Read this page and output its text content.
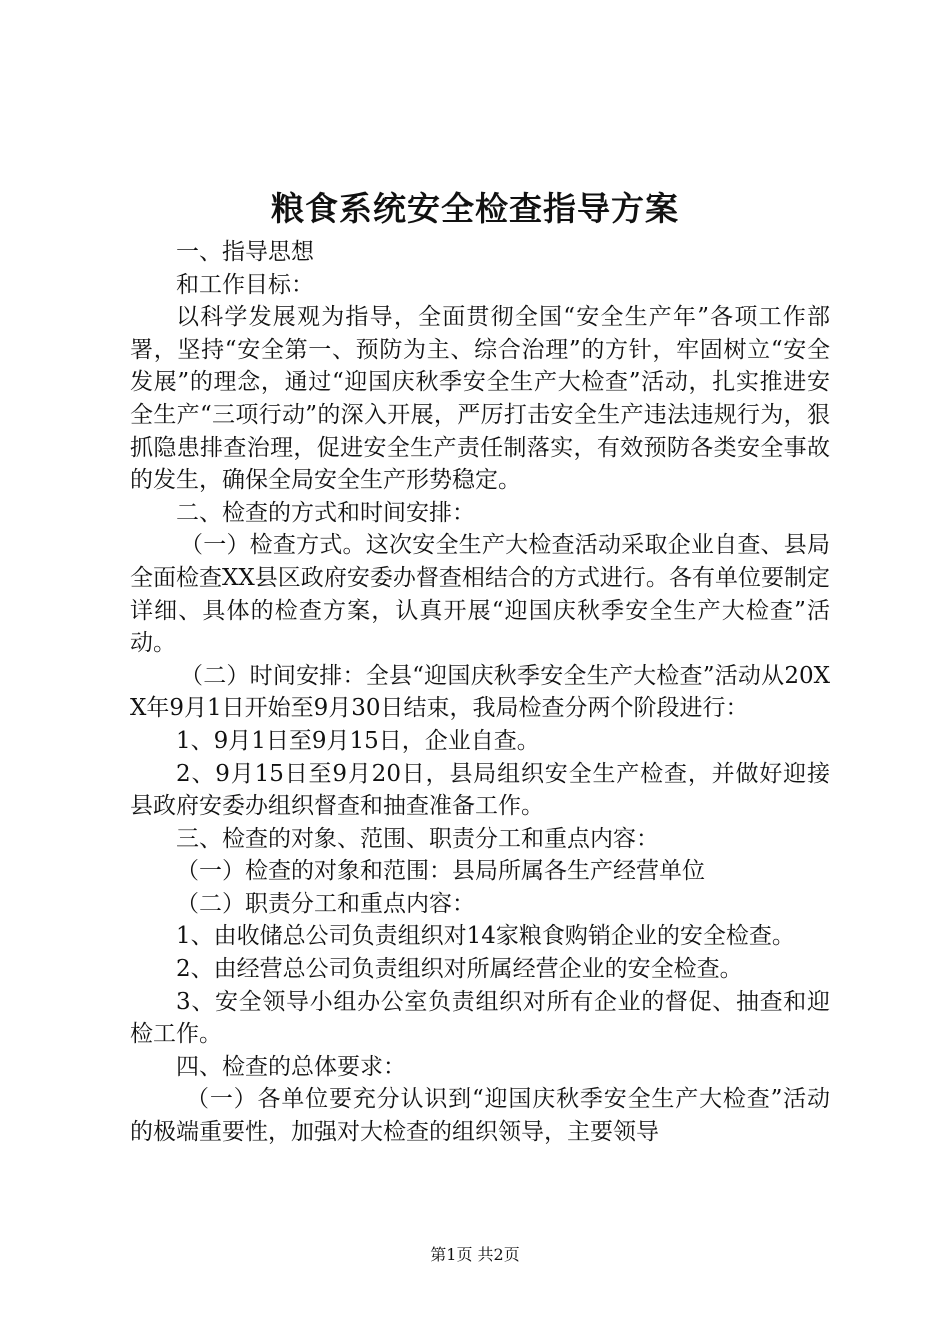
粮食系统安全检查指导方案

一、指导思想

和工作目标：

以科学发展观为指导，全面贯彻全国“安全生产年”各项工作部署，坚持“安全第一、预防为主、综合治理”的方针，牢固树立“安全发展”的理念，通过“迎国庆秋季安全生产大检查”活动，扎实推进安全生产“三项行动”的深入开展，严厉打击安全生产违法违规行为，狠抓隐患排查治理，促进安全生产责任制落实，有效预防各类安全事故的发生，确保全局安全生产形势稳定。

二、检查的方式和时间安排：

（一）检查方式。这次安全生产大检查活动采取企业自查、县局全面检查XX县区政府安委办督查相结合的方式进行。各有单位要制定详细、具体的检查方案，认真开展“迎国庆秋季安全生产大检查”活动。

（二）时间安排：全县“迎国庆秋季安全生产大检查”活动从20XX年9月1日开始至9月30日结束，我局检查分两个阶段进行：

1、9月1日至9月15日，企业自查。

2、9月15日至9月20日，县局组织安全生产检查，并做好迎接县政府安委办组织督查和抽查准备工作。

三、检查的对象、范围、职责分工和重点内容：

（一）检查的对象和范围：县局所属各生产经营单位

（二）职责分工和重点内容：

1、由收储总公司负责组织对14家粮食购销企业的安全检查。

2、由经营总公司负责组织对所属经营企业的安全检查。

3、安全领导小组办公室负责组织对所有企业的督促、抽查和迎检工作。

四、检查的总体要求：

（一）各单位要充分认识到“迎国庆秋季安全生产大检查”活动的极端重要性，加强对大检查的组织领导，主要领导

第1页 共2页
